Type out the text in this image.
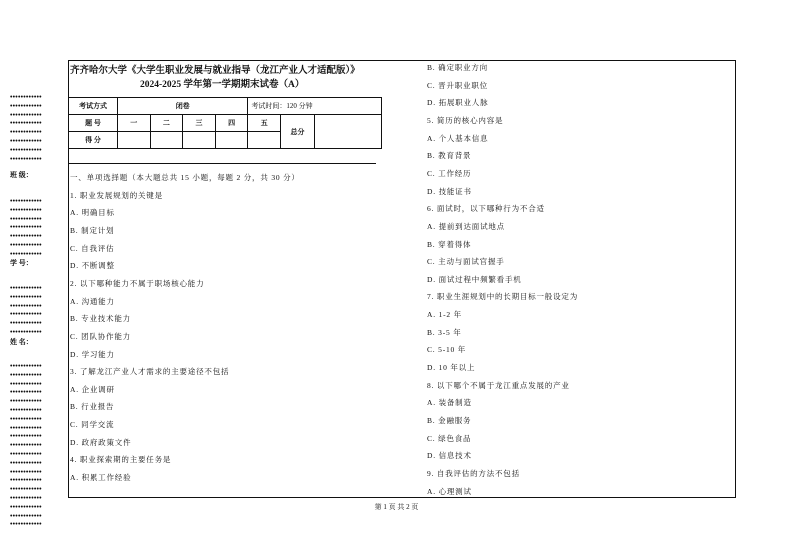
••••••••••••
••••••••••••
••••••••••••
••••••••••••
••••••••••••
••••••••••••
••••••••••••
••••••••••••
班 级：
••••••••••••
••••••••••••
••••••••••••
••••••••••••
••••••••••••
••••••••••••
••••••••••••
学 号：
••••••••••••
••••••••••••
••••••••••••
••••••••••••
••••••••••••
••••••••••••
姓 名：
••••••••••••
••••••••••••
••••••••••••
••••••••••••
••••••••••••
••••••••••••
••••••••••••
••••••••••••
••••••••••••
••••••••••••
••••••••••••
••••••••••••
••••••••••••
••••••••••••
••••••••••••
••••••••••••
••••••••••••
••••••••••••
••••••••••••
齐齐哈尔大学《大学生职业发展与就业指导（龙江产业人才适配版）》
2024-2025 学年第一学期期末试卷（A）
考试方式	闭卷				考试时间：120 分钟		
题 号	一	二	三	四	五	总分	
得 分							
一、单项选择题（本大题总共 15 小题，每题 2 分，共 30 分）
1. 职业发展规划的关键是
A. 明确目标
B. 制定计划
C. 自我评估
D. 不断调整
2. 以下哪种能力不属于职场核心能力
A. 沟通能力
B. 专业技术能力
C. 团队协作能力
D. 学习能力
3. 了解龙江产业人才需求的主要途径不包括
A. 企业调研
B. 行业报告
C. 同学交流
D. 政府政策文件
4. 职业探索期的主要任务是
A. 积累工作经验
B. 确定职业方向
C. 晋升职业职位
D. 拓展职业人脉
5. 简历的核心内容是
A. 个人基本信息
B. 教育背景
C. 工作经历
D. 技能证书
6. 面试时，以下哪种行为不合适
A. 提前到达面试地点
B. 穿着得体
C. 主动与面试官握手
D. 面试过程中频繁看手机
7. 职业生涯规划中的长期目标一般设定为
A. 1-2 年
B. 3-5 年
C. 5-10 年
D. 10 年以上
8. 以下哪个不属于龙江重点发展的产业
A. 装备制造
B. 金融服务
C. 绿色食品
D. 信息技术
9. 自我评估的方法不包括
A. 心理测试
第 1 页 共 2 页
